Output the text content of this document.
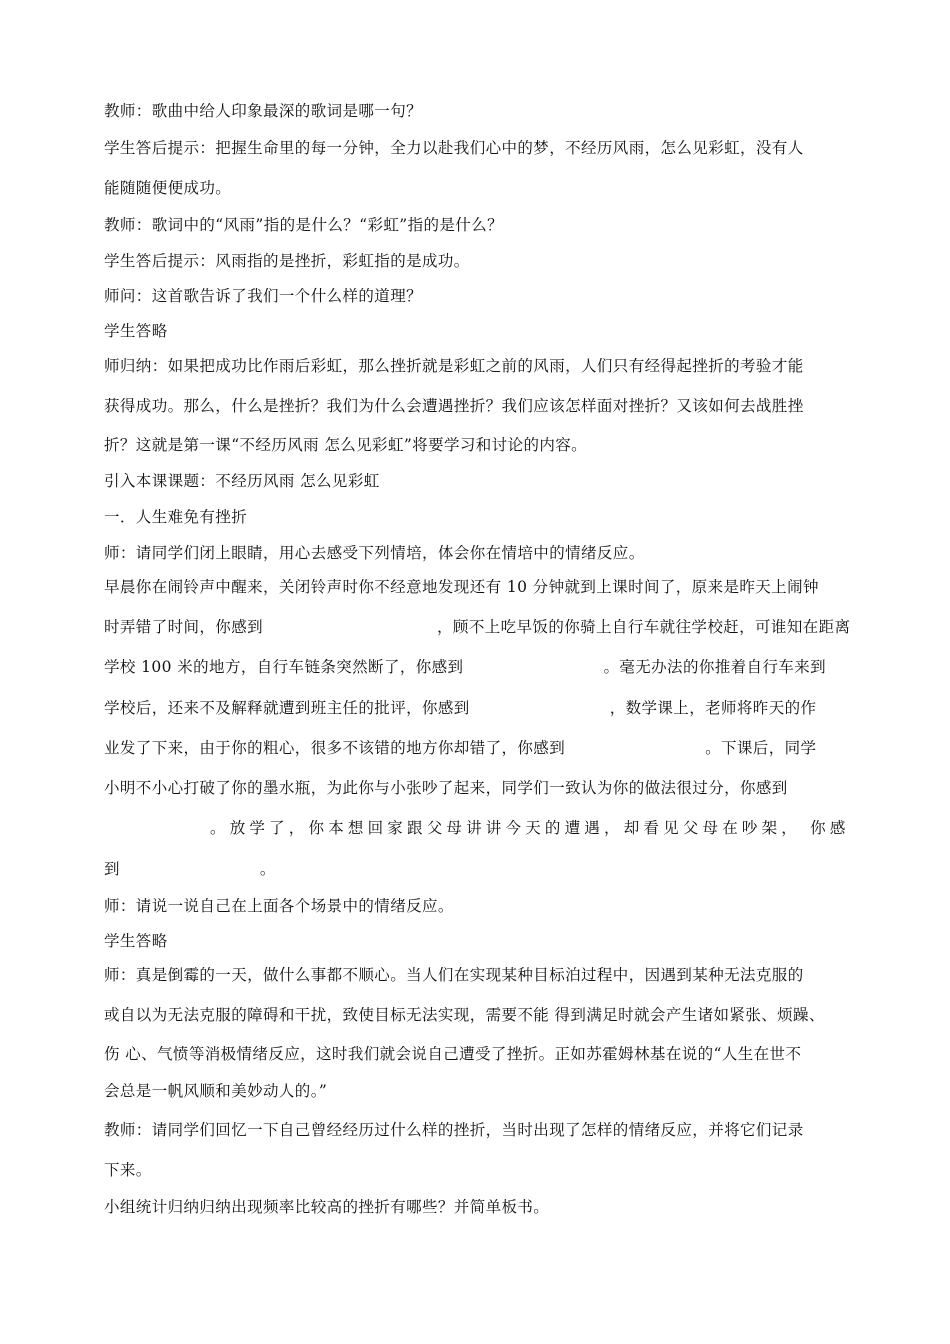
教师：歌曲中给人印象最深的歌词是哪一句？
学生答后提示：把握生命里的每一分钟，全力以赴我们心中的梦，不经历风雨，怎么见彩虹，没有人
能随随便便成功。
教师：歌词中的“风雨”指的是什么？“彩虹”指的是什么？
学生答后提示：风雨指的是挫折，彩虹指的是成功。
师问：这首歌告诉了我们一个什么样的道理？
学生答略
师归纳：如果把成功比作雨后彩虹，那么挫折就是彩虹之前的风雨，人们只有经得起挫折的考验才能
获得成功。那么，什么是挫折？我们为什么会遭遇挫折？我们应该怎样面对挫折？又该如何去战胜挫
折？这就是第一课“不经历风雨 怎么见彩虹”将要学习和讨论的内容。
引入本课课题：不经历风雨 怎么见彩虹
一．人生难免有挫折
师：请同学们闭上眼睛，用心去感受下列情培，体会你在情培中的情绪反应。
早晨你在闹铃声中醒来，关闭铃声时你不经意地发现还有 10 分钟就到上课时间了，原来是昨天上闹钟
时弄错了时间，你感到	，顾不上吃早饭的你骑上自行车就往学校赶，可谁知在距离
学校 100 米的地方，自行车链条突然断了，你感到	。毫无办法的你推着自行车来到
学校后，还来不及解释就遭到班主任的批评，你感到	，数学课上，老师将昨天的作
业发了下来，由于你的粗心，很多不该错的地方你却错了，你感到	。下课后，同学
小明不小心打破了你的墨水瓶，为此你与小张吵了起来，同学们一致认为你的做法很过分，你感到
。放学了，你本想回家跟父母讲讲今天的遭遇，却看见父母在吵架， 你感
到	。
师：请说一说自己在上面各个场景中的情绪反应。
学生答略
师：真是倒霉的一天，做什么事都不顺心。当人们在实现某种目标泊过程中，因遇到某种无法克服的
或自以为无法克服的障碍和干扰，致使目标无法实现，需要不能 得到满足时就会产生诸如紧张、烦躁、
伤 心、气愤等消极情绪反应，这时我们就会说自己遭受了挫折。正如苏霍姆林基在说的“人生在世不
会总是一帆风顺和美妙动人的。”
教师：请同学们回忆一下自己曾经经历过什么样的挫折，当时出现了怎样的情绪反应，并将它们记录
下来。
小组统计归纳归纳出现频率比较高的挫折有哪些？并简单板书。
